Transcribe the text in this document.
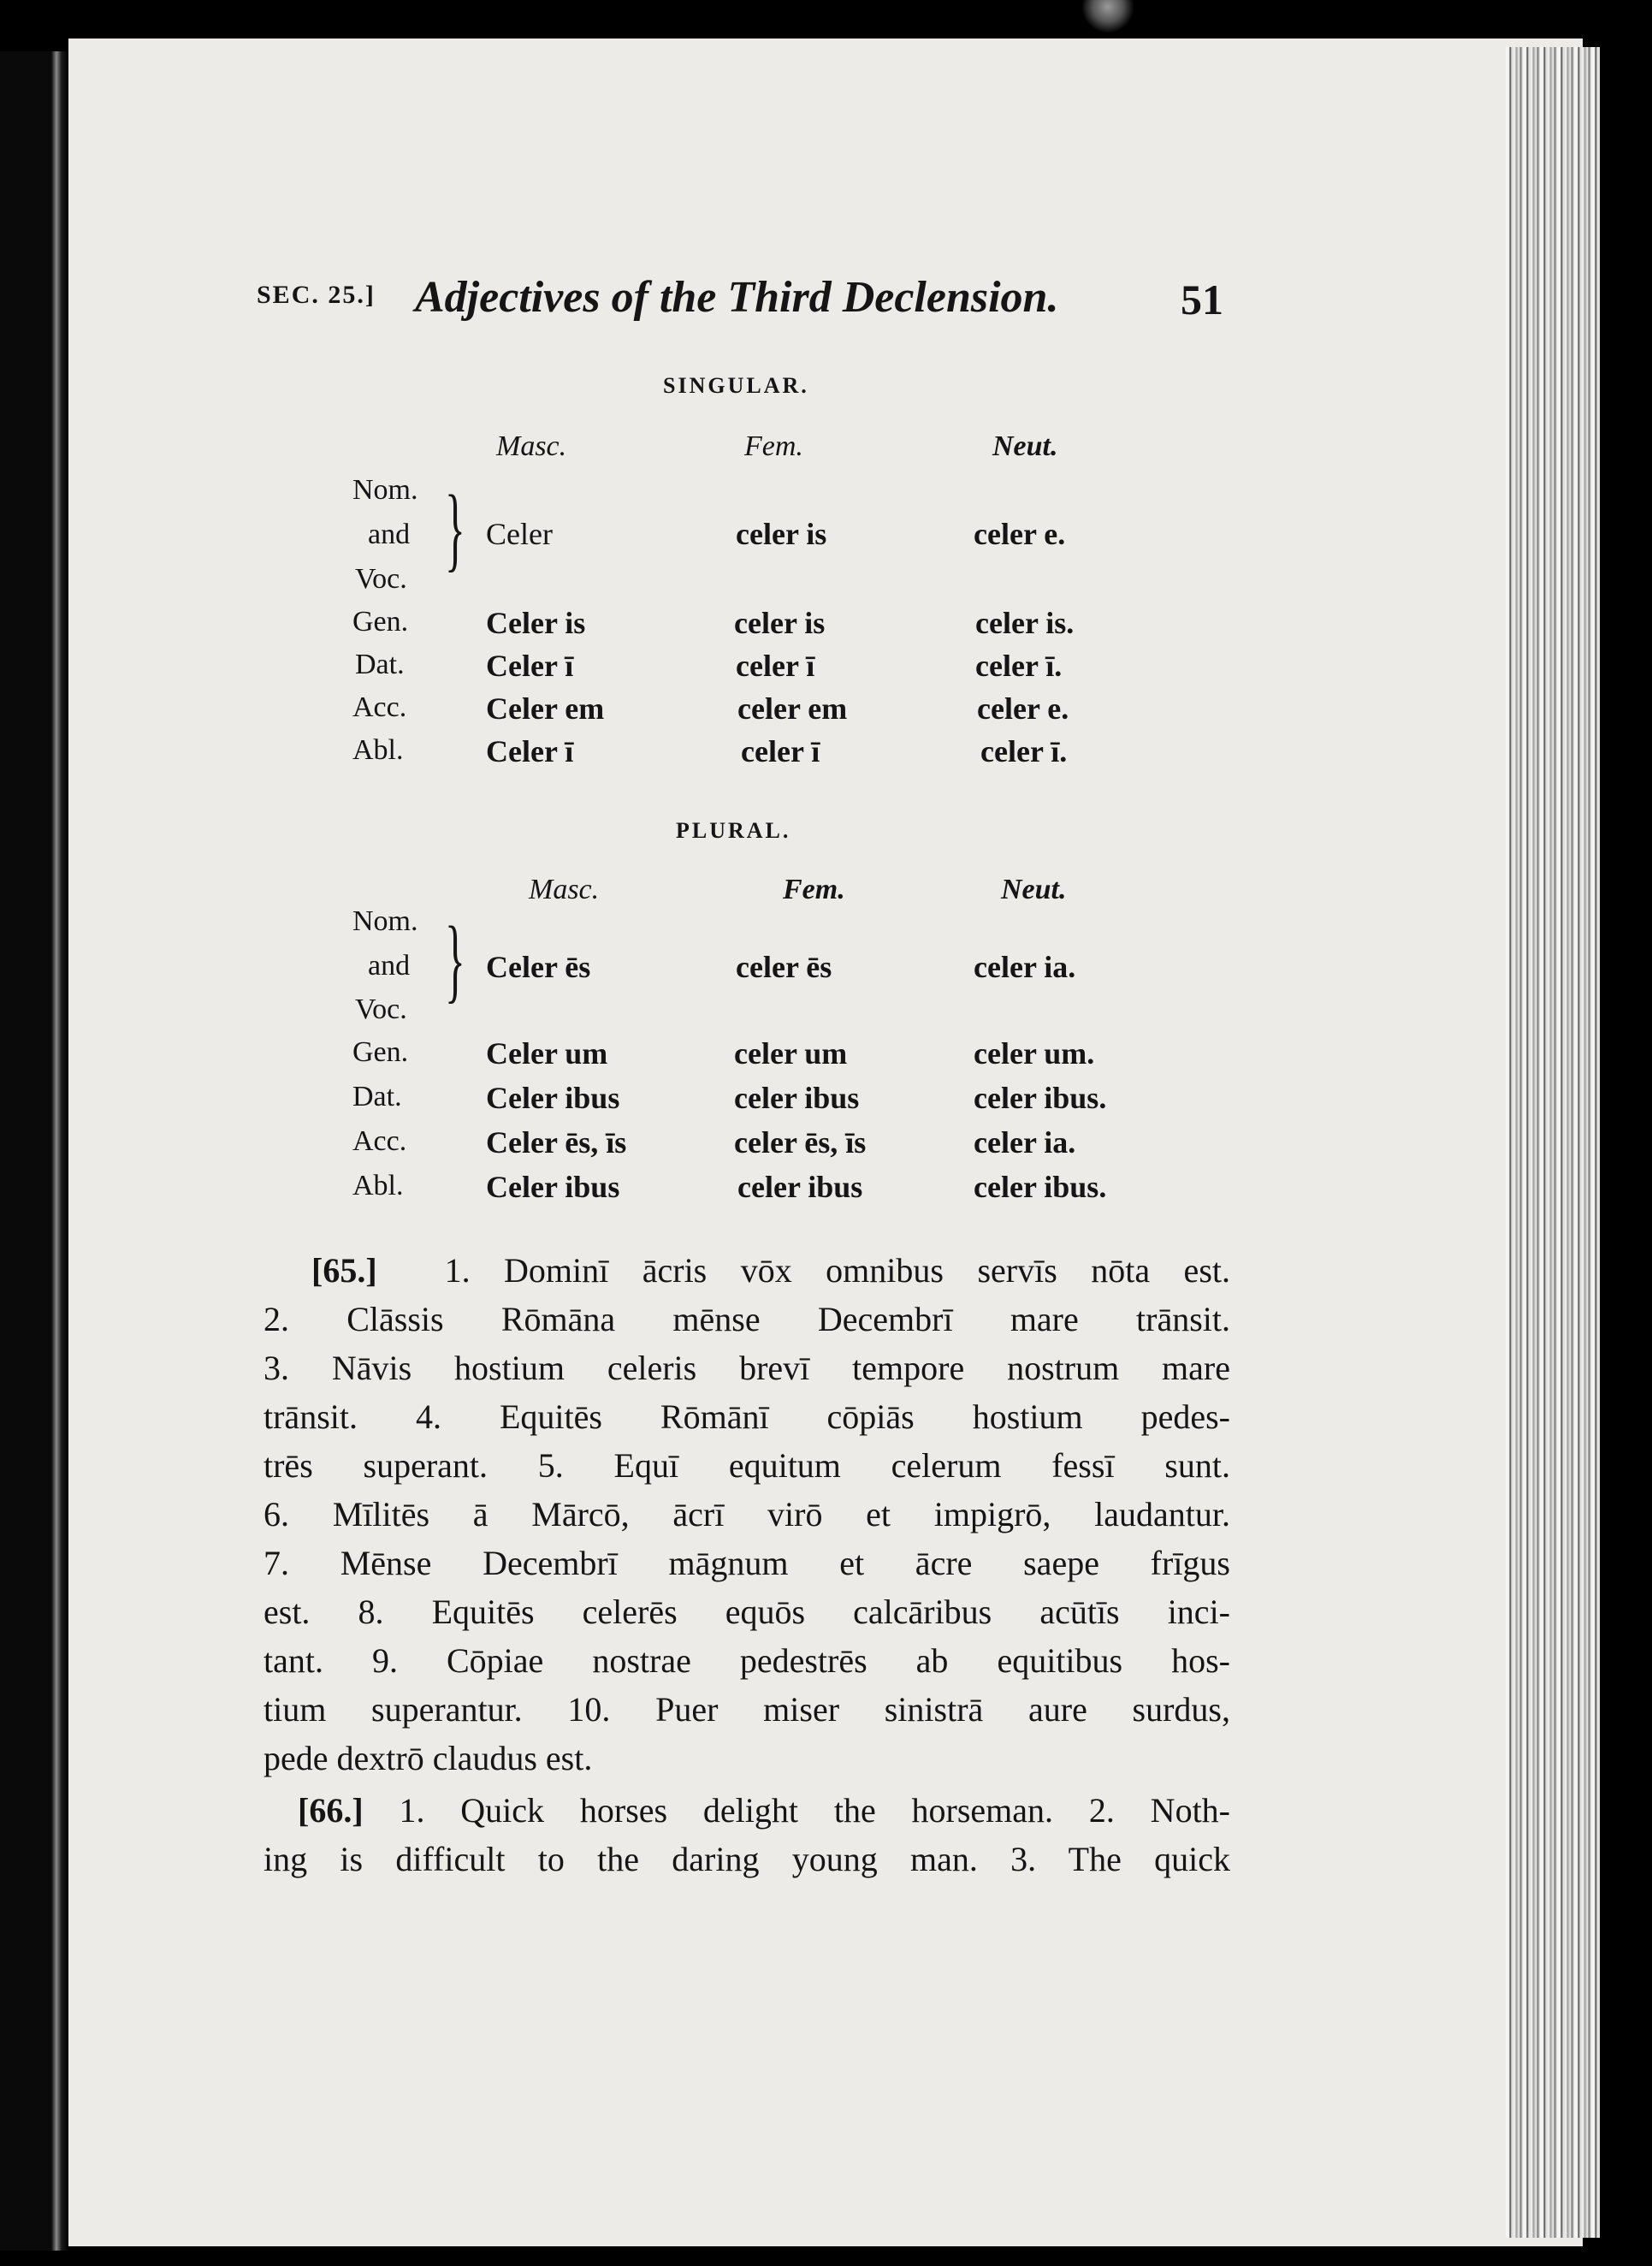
SEC. 25.] Adjectives of the Third Declension.	51
SINGULAR.
Masc.	Fem.	Neut.
Nom.
and
Voc. } Celer	celer is	celer e.
Gen.	Celer is	celer is	celer is.
Dat.	Celer ī	celer ī	celer ī.
Acc.	Celer em	celer em	celer e.
Abl.	Celer ī	celer ī	celer ī.
PLURAL.
Masc.	Fem.	Neut.
Nom.
and
Voc. } Celer ēs	celer ēs	celer ia.
Gen.	Celer um	celer um	celer um.
Dat.	Celer ibus	celer ibus	celer ibus.
Acc.	Celer ēs, īs	celer ēs, īs	celer ia.
Abl.	Celer ibus	celer ibus	celer ibus.
[65.] 1. Dominī ācris vōx omnibus servīs nōta est.
2. Clāssis Rōmāna mēnse Decembrī mare trānsit.
3. Nāvis hostium celeris brevī tempore nostrum mare
trānsit. 4. Equitēs Rōmānī cōpiās hostium pedes-
trēs superant. 5. Equī equitum celerum fessī sunt.
6. Mīlitēs ā Mārcō, ācrī virō et impigrō, laudantur.
7. Mēnse Decembrī māgnum et ācre saepe frīgus
est. 8. Equitēs celerēs equōs calcāribus acūtīs inci-
tant. 9. Cōpiae nostrae pedestrēs ab equitibus hos-
tium superantur. 10. Puer miser sinistrā aure surdus,
pede dextrō claudus est.
[66.] 1. Quick horses delight the horseman. 2. Noth-
ing is difficult to the daring young man. 3. The quick
